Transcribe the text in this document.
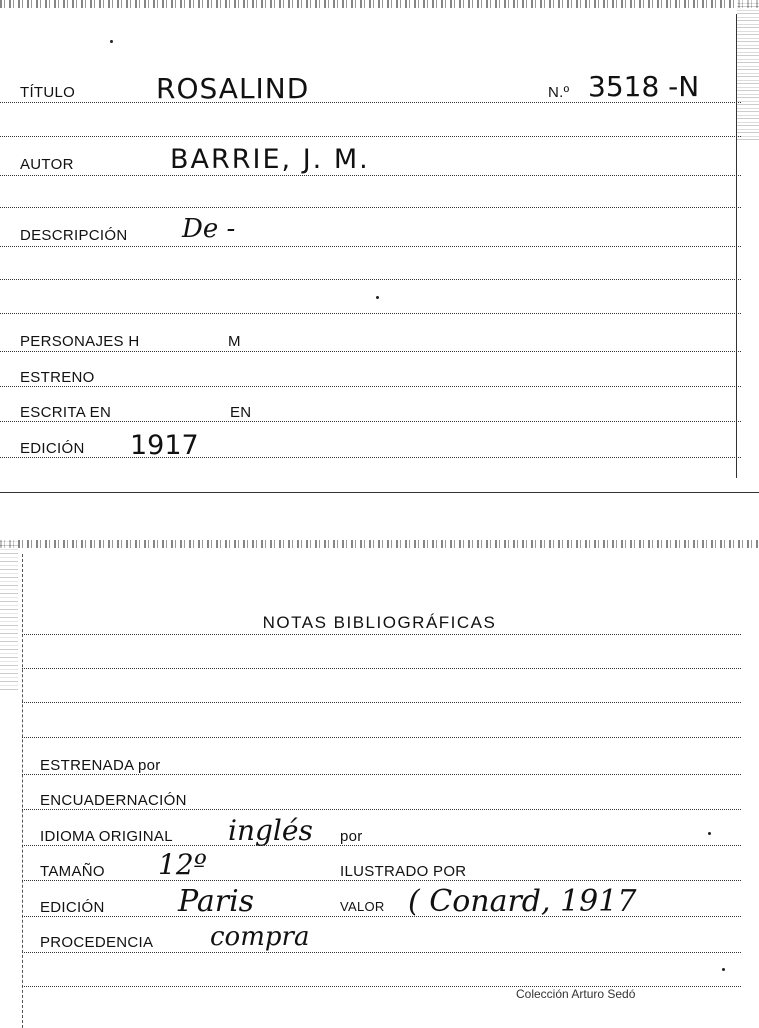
TÍTULO	ROSALIND	N.º 3518 -N
AUTOR	BARRIE, J. M.
DESCRIPCIÓN De -
PERSONAJES H	M
ESTRENO
ESCRITA EN	EN
EDICIÓN 1917
NOTAS BIBLIOGRÁFICAS
ESTRENADA por
ENCUADERNACIÓN
IDIOMA ORIGINAL inglés por
TAMAÑO 12º	ILUSTRADO POR
EDICIÓN Paris	VALOR ( Conard, 1917
PROCEDENCIA compra
Colección Arturo Sedó
